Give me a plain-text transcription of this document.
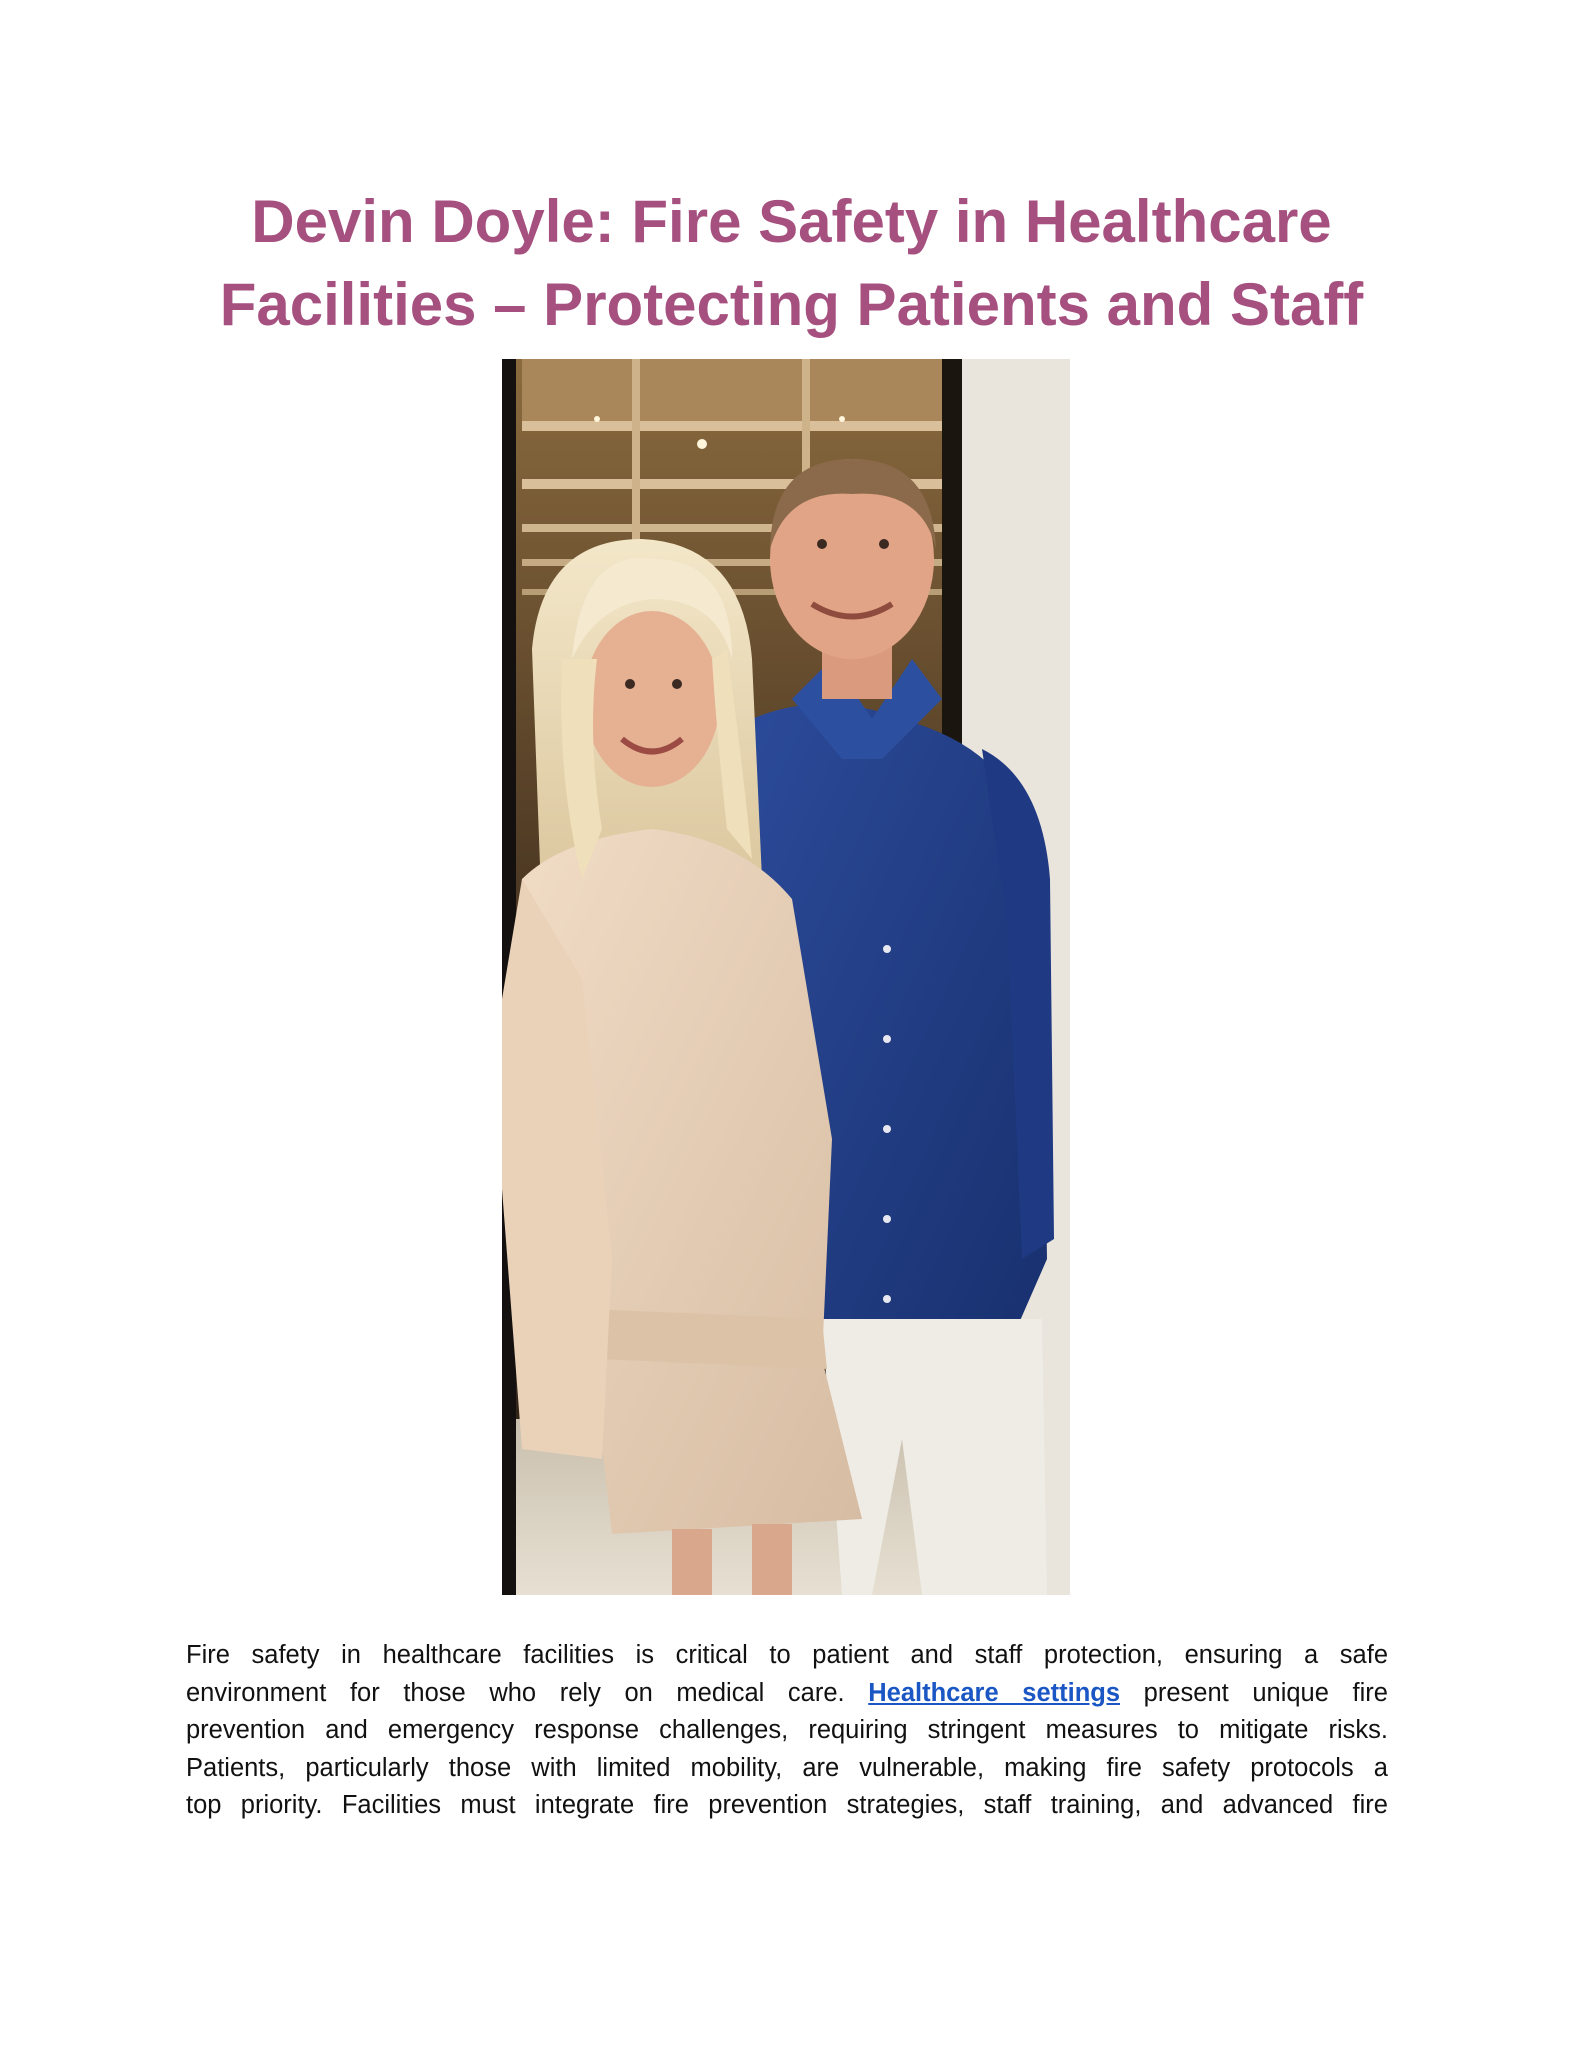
Devin Doyle: Fire Safety in Healthcare
Facilities – Protecting Patients and Staff

Fire safety in healthcare facilities is critical to patient and staff protection, ensuring a safe
environment for those who rely on medical care. Healthcare settings present unique fire
prevention and emergency response challenges, requiring stringent measures to mitigate risks.
Patients, particularly those with limited mobility, are vulnerable, making fire safety protocols a
top priority. Facilities must integrate fire prevention strategies, staff training, and advanced fire
